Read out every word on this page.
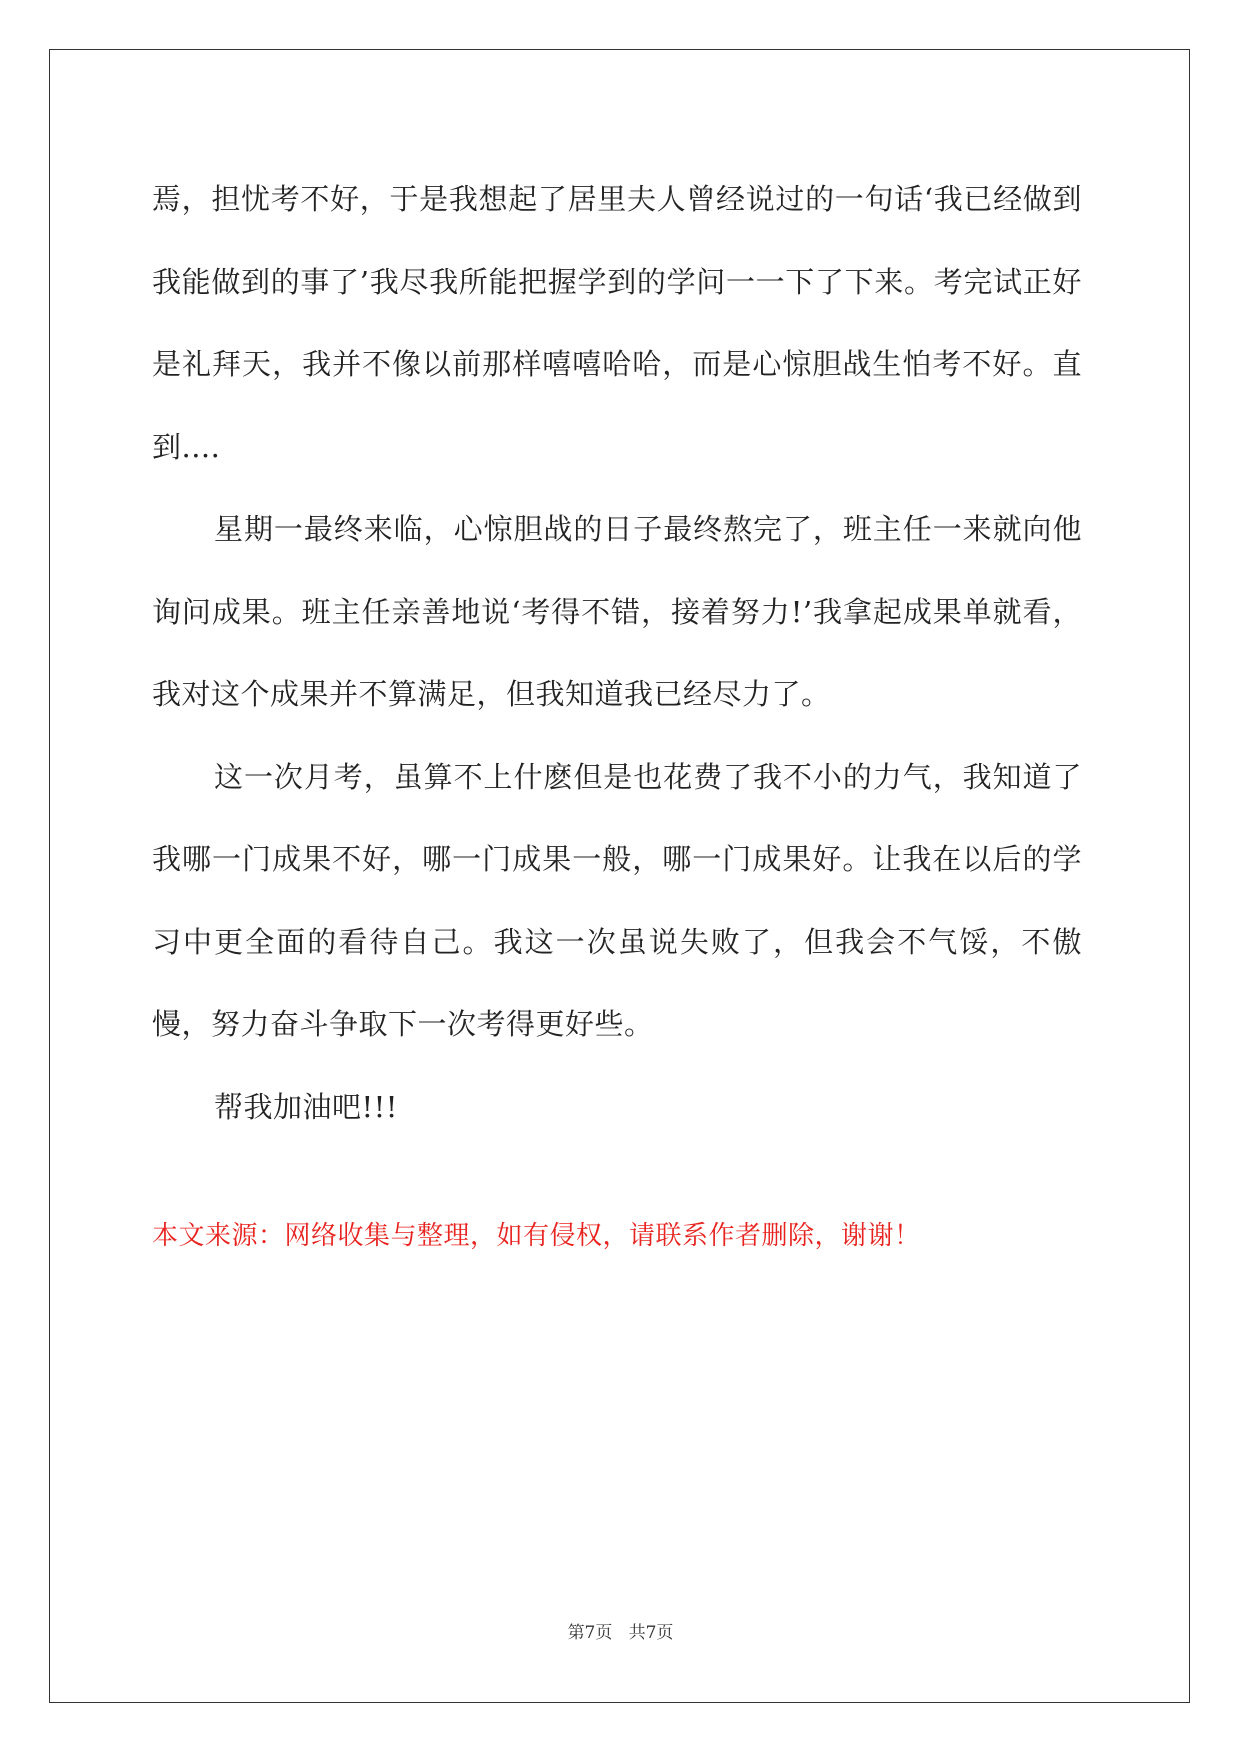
焉，担忧考不好，于是我想起了居里夫人曾经说过的一句话‘我已经做到我能做到的事了’我尽我所能把握学到的学问一一下了下来。考完试正好是礼拜天，我并不像以前那样嘻嘻哈哈，而是心惊胆战生怕考不好。直到....

星期一最终来临，心惊胆战的日子最终熬完了，班主任一来就向他询问成果。班主任亲善地说‘考得不错，接着努力!’我拿起成果单就看，我对这个成果并不算满足，但我知道我已经尽力了。

这一次月考，虽算不上什麽但是也花费了我不小的力气，我知道了我哪一门成果不好，哪一门成果一般，哪一门成果好。让我在以后的学习中更全面的看待自己。我这一次虽说失败了，但我会不气馁，不傲慢，努力奋斗争取下一次考得更好些。

帮我加油吧!!!

本文来源：网络收集与整理，如有侵权，请联系作者删除，谢谢！

第7页 共7页
